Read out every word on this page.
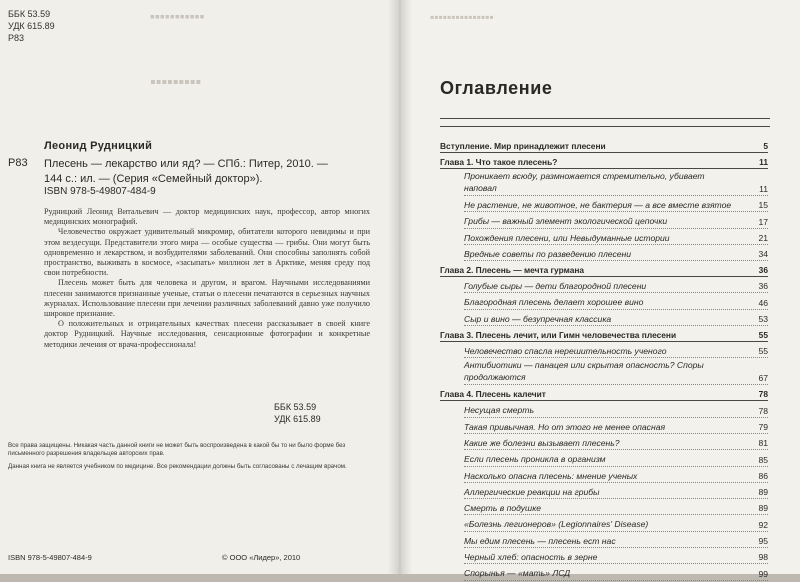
▪▪▪▪▪▪▪▪▪▪▪
▪▪▪▪▪▪▪▪▪
ББК 53.59
УДК 615.89
Р83
Леонид Рудницкий
Р83 Плесень — лекарство или яд? — СПб.: Питер, 2010. — 144 с.: ил. — (Серия «Семейный доктор»).
ISBN 978-5-49807-484-9

Рудницкий Леонид Витальевич — доктор медицинских наук, профессор, автор многих медицинских монографий.

Человечество окружает удивительный микромир, обитатели которого невидимы и при этом вездесущи. Представители этого мира — особые существа — грибы. Они могут быть одновременно и лекарством, и возбудителями заболеваний. Они способны заполнять собой пространство, выживать в космосе, «засыпать» миллион лет в Арктике, меняя среду под свои потребности.

Плесень может быть для человека и другом, и врагом. Научными исследованиями плесени занимаются признанные ученые, статьи о плесени печатаются в серьезных научных журналах. Использование плесени при лечении различных заболеваний давно уже получило широкое признание.

О положительных и отрицательных качествах плесени рассказывает в своей книге доктор Рудницкий. Научные исследования, сенсационные фотографии и конкретные методики лечения от врача-профессионала!

ББК 53.59
УДК 615.89

Все права защищены. Никакая часть данной книги не может быть воспроизведена в какой бы то ни было форме без письменного разрешения владельцев авторских прав.

Данная книга не является учебником по медицине. Все рекомендации должны быть согласованы с лечащим врачом.

ISBN 978-5-49807-484-9	© ООО «Лидер», 2010
▪▪▪▪▪▪▪▪▪▪▪▪▪▪▪
Оглавление
Вступление. Мир принадлежит плесени	5
Глава 1. Что такое плесень?	11
Проникает всюду, размножается стремительно, убивает наповал	11
Не растение, не животное, не бактерия — а все вместе взятое	15
Грибы — важный элемент экологической цепочки	17
Похождения плесени, или Невыдуманные истории	21
Вредные советы по разведению плесени	34
Глава 2. Плесень — мечта гурмана	36
Голубые сыры — дети благородной плесени	36
Благородная плесень делает хорошее вино	46
Сыр и вино — безупречная классика	53
Глава 3. Плесень лечит, или Гимн человечества плесени	55
Человечество спасла нерешительность ученого	55
Антибиотики — панацея или скрытая опасность? Споры продолжаются	67
Глава 4. Плесень калечит	78
Несущая смерть	78
Такая привычная. Но от этого не менее опасная	79
Какие же болезни вызывает плесень?	81
Если плесень проникла в организм	85
Насколько опасна плесень: мнение ученых	86
Аллергические реакции на грибы	89
Смерть в подушке	89
«Болезнь легионеров» (Legionnaires' Disease)	92
Мы едим плесень — плесень ест нас	95
Черный хлеб: опасность в зерне	98
Спорынья — «мать» ЛСД	99
